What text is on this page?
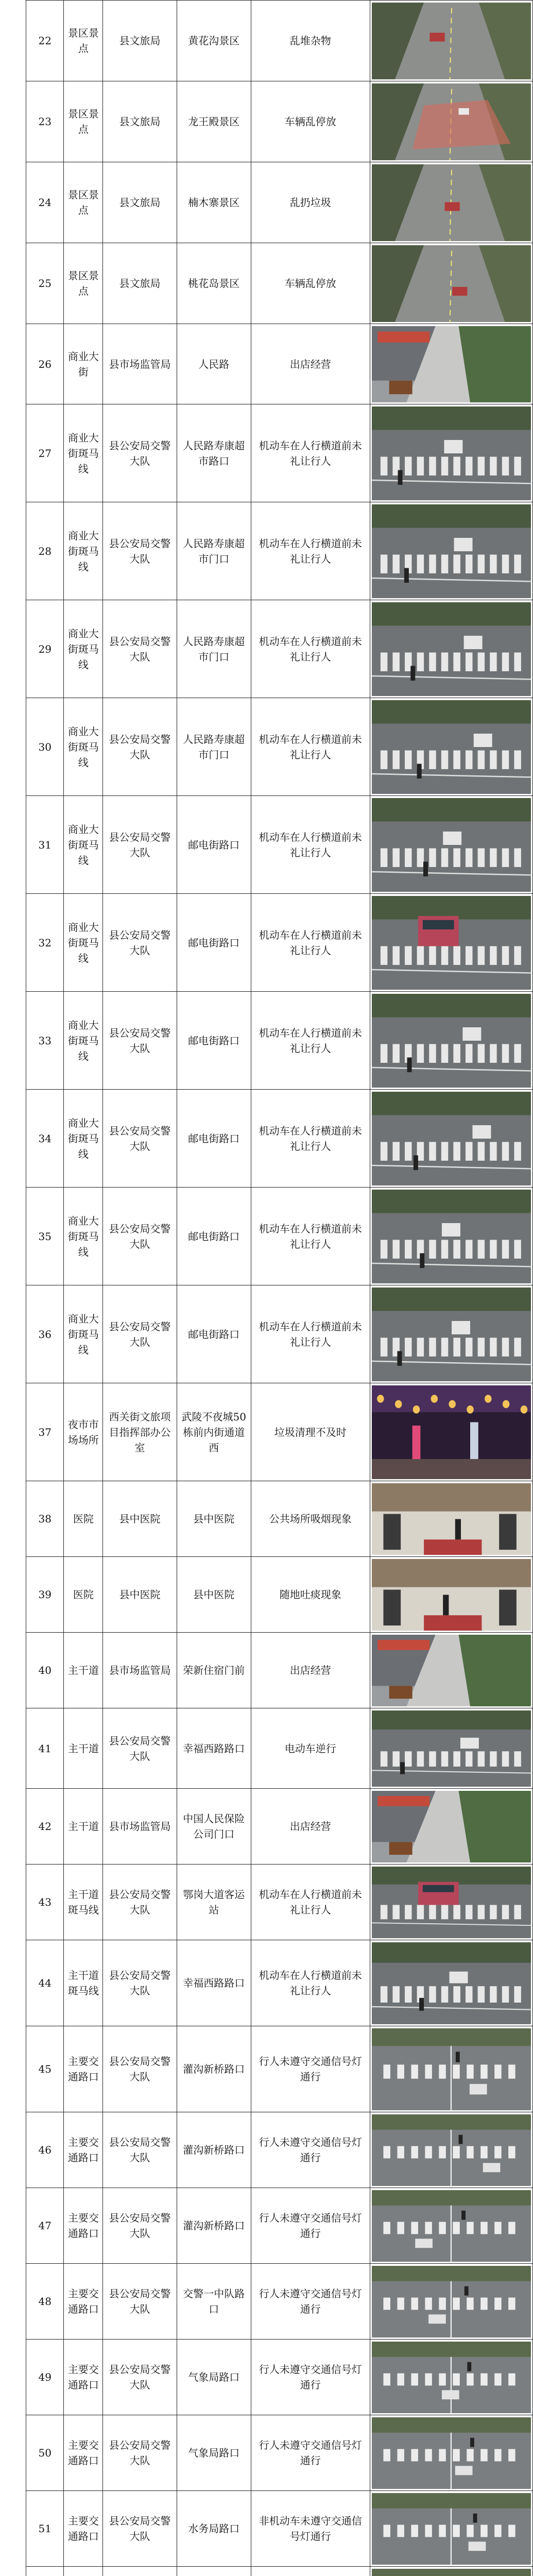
22	景区景点	县文旅局	黄花沟景区	乱堆杂物	

23	景区景点	县文旅局	龙王殿景区	车辆乱停放	

24	景区景点	县文旅局	楠木寨景区	乱扔垃圾	

25	景区景点	县文旅局	桃花岛景区	车辆乱停放	

26	商业大街	县市场监管局	人民路	出店经营	

27	商业大街斑马线	县公安局交警大队	人民路寿康超市路口	机动车在人行横道前未礼让行人	

28	商业大街斑马线	县公安局交警大队	人民路寿康超市门口	机动车在人行横道前未礼让行人	

29	商业大街斑马线	县公安局交警大队	人民路寿康超市门口	机动车在人行横道前未礼让行人	

30	商业大街斑马线	县公安局交警大队	人民路寿康超市门口	机动车在人行横道前未礼让行人	

31	商业大街斑马线	县公安局交警大队	邮电街路口	机动车在人行横道前未礼让行人	

32	商业大街斑马线	县公安局交警大队	邮电街路口	机动车在人行横道前未礼让行人	

33	商业大街斑马线	县公安局交警大队	邮电街路口	机动车在人行横道前未礼让行人	

34	商业大街斑马线	县公安局交警大队	邮电街路口	机动车在人行横道前未礼让行人	

35	商业大街斑马线	县公安局交警大队	邮电街路口	机动车在人行横道前未礼让行人	

36	商业大街斑马线	县公安局交警大队	邮电街路口	机动车在人行横道前未礼让行人	

37	夜市市场场所	西关街文旅项目指挥部办公室	武陵不夜城50栋前内街通道西	垃圾清理不及时	

38	医院	县中医院	县中医院	公共场所吸烟现象	

39	医院	县中医院	县中医院	随地吐痰现象	

40	主干道	县市场监管局	荣新住宿门前	出店经营	

41	主干道	县公安局交警大队	幸福西路路口	电动车逆行	

42	主干道	县市场监管局	中国人民保险公司门口	出店经营	

43	主干道斑马线	县公安局交警大队	鄂岗大道客运站	机动车在人行横道前未礼让行人	

44	主干道斑马线	县公安局交警大队	幸福西路路口	机动车在人行横道前未礼让行人	

45	主要交通路口	县公安局交警大队	灌沟新桥路口	行人未遵守交通信号灯通行	

46	主要交通路口	县公安局交警大队	灌沟新桥路口	行人未遵守交通信号灯通行	

47	主要交通路口	县公安局交警大队	灌沟新桥路口	行人未遵守交通信号灯通行	

48	主要交通路口	县公安局交警大队	交警一中队路口	行人未遵守交通信号灯通行	

49	主要交通路口	县公安局交警大队	气象局路口	行人未遵守交通信号灯通行	

50	主要交通路口	县公安局交警大队	气象局路口	行人未遵守交通信号灯通行	

51	主要交通路口	县公安局交警大队	水务局路口	非机动车未遵守交通信号灯通行	
